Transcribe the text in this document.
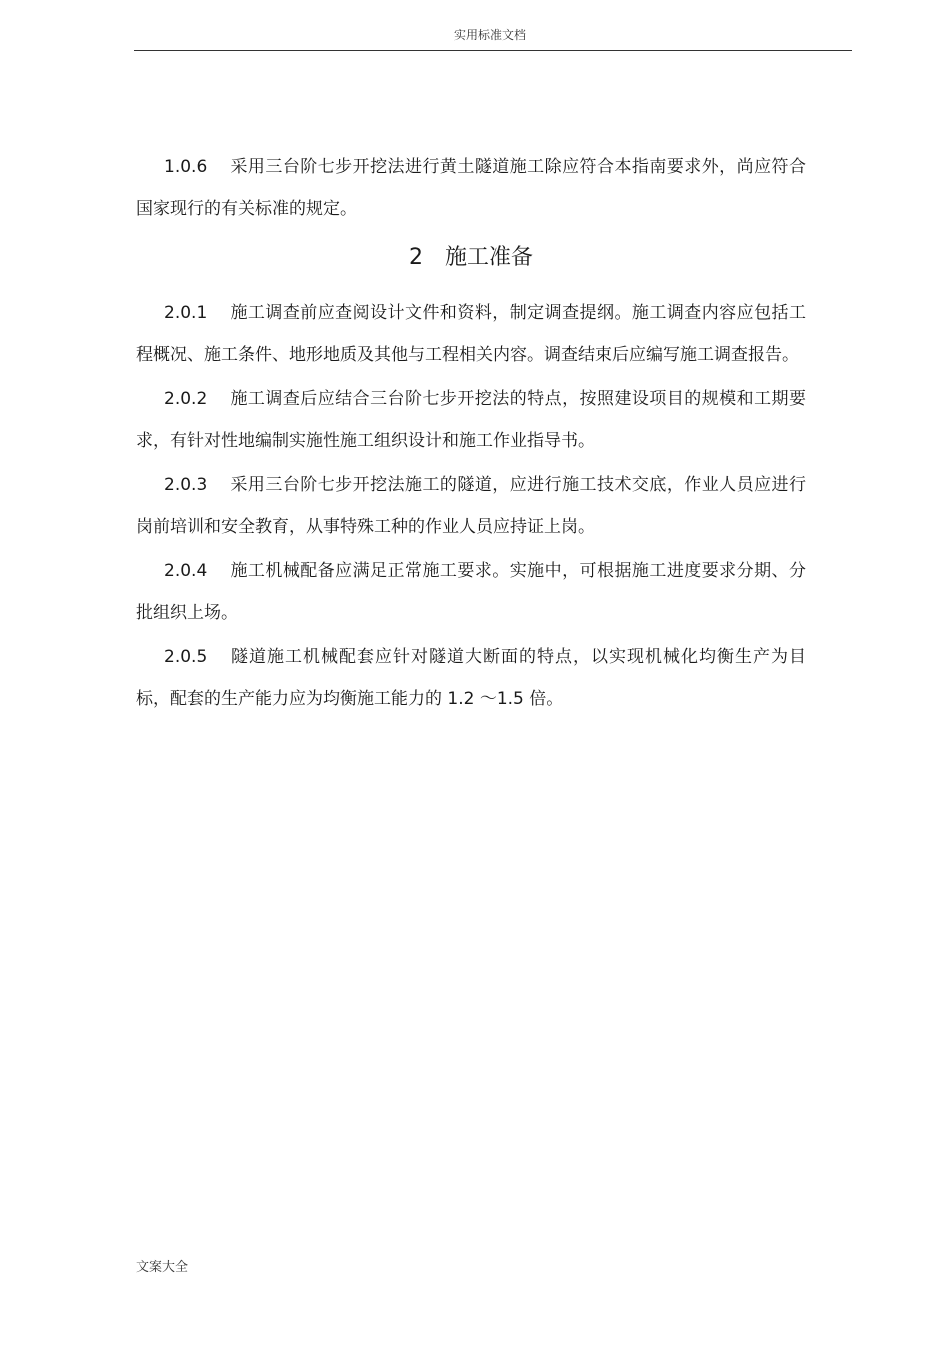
实用标准文档

1.0.6 采用三台阶七步开挖法进行黄土隧道施工除应符合本指南要求外，尚应符合国家现行的有关标准的规定。

2 施工准备

2.0.1 施工调查前应查阅设计文件和资料，制定调查提纲。施工调查内容应包括工程概况、施工条件、地形地质及其他与工程相关内容。调查结束后应编写施工调查报告。

2.0.2 施工调查后应结合三台阶七步开挖法的特点，按照建设项目的规模和工期要求，有针对性地编制实施性施工组织设计和施工作业指导书。

2.0.3 采用三台阶七步开挖法施工的隧道，应进行施工技术交底，作业人员应进行岗前培训和安全教育，从事特殊工种的作业人员应持证上岗。

2.0.4 施工机械配备应满足正常施工要求。实施中，可根据施工进度要求分期、分批组织上场。

2.0.5 隧道施工机械配套应针对隧道大断面的特点，以实现机械化均衡生产为目标，配套的生产能力应为均衡施工能力的 1.2 ～1.5 倍。

文案大全
